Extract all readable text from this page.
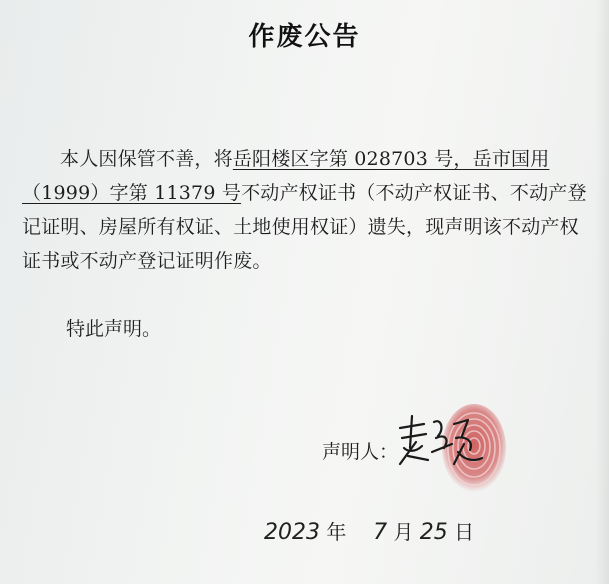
作废公告

本人因保管不善，将岳阳楼区字第 028703 号，岳市国用（1999）字第 11379 号不动产权证书（不动产权证书、不动产登记证明、房屋所有权证、土地使用权证）遗失，现声明该不动产权证书或不动产登记证明作废。

特此声明。
声明人：
2023 年 7 月 25 日
